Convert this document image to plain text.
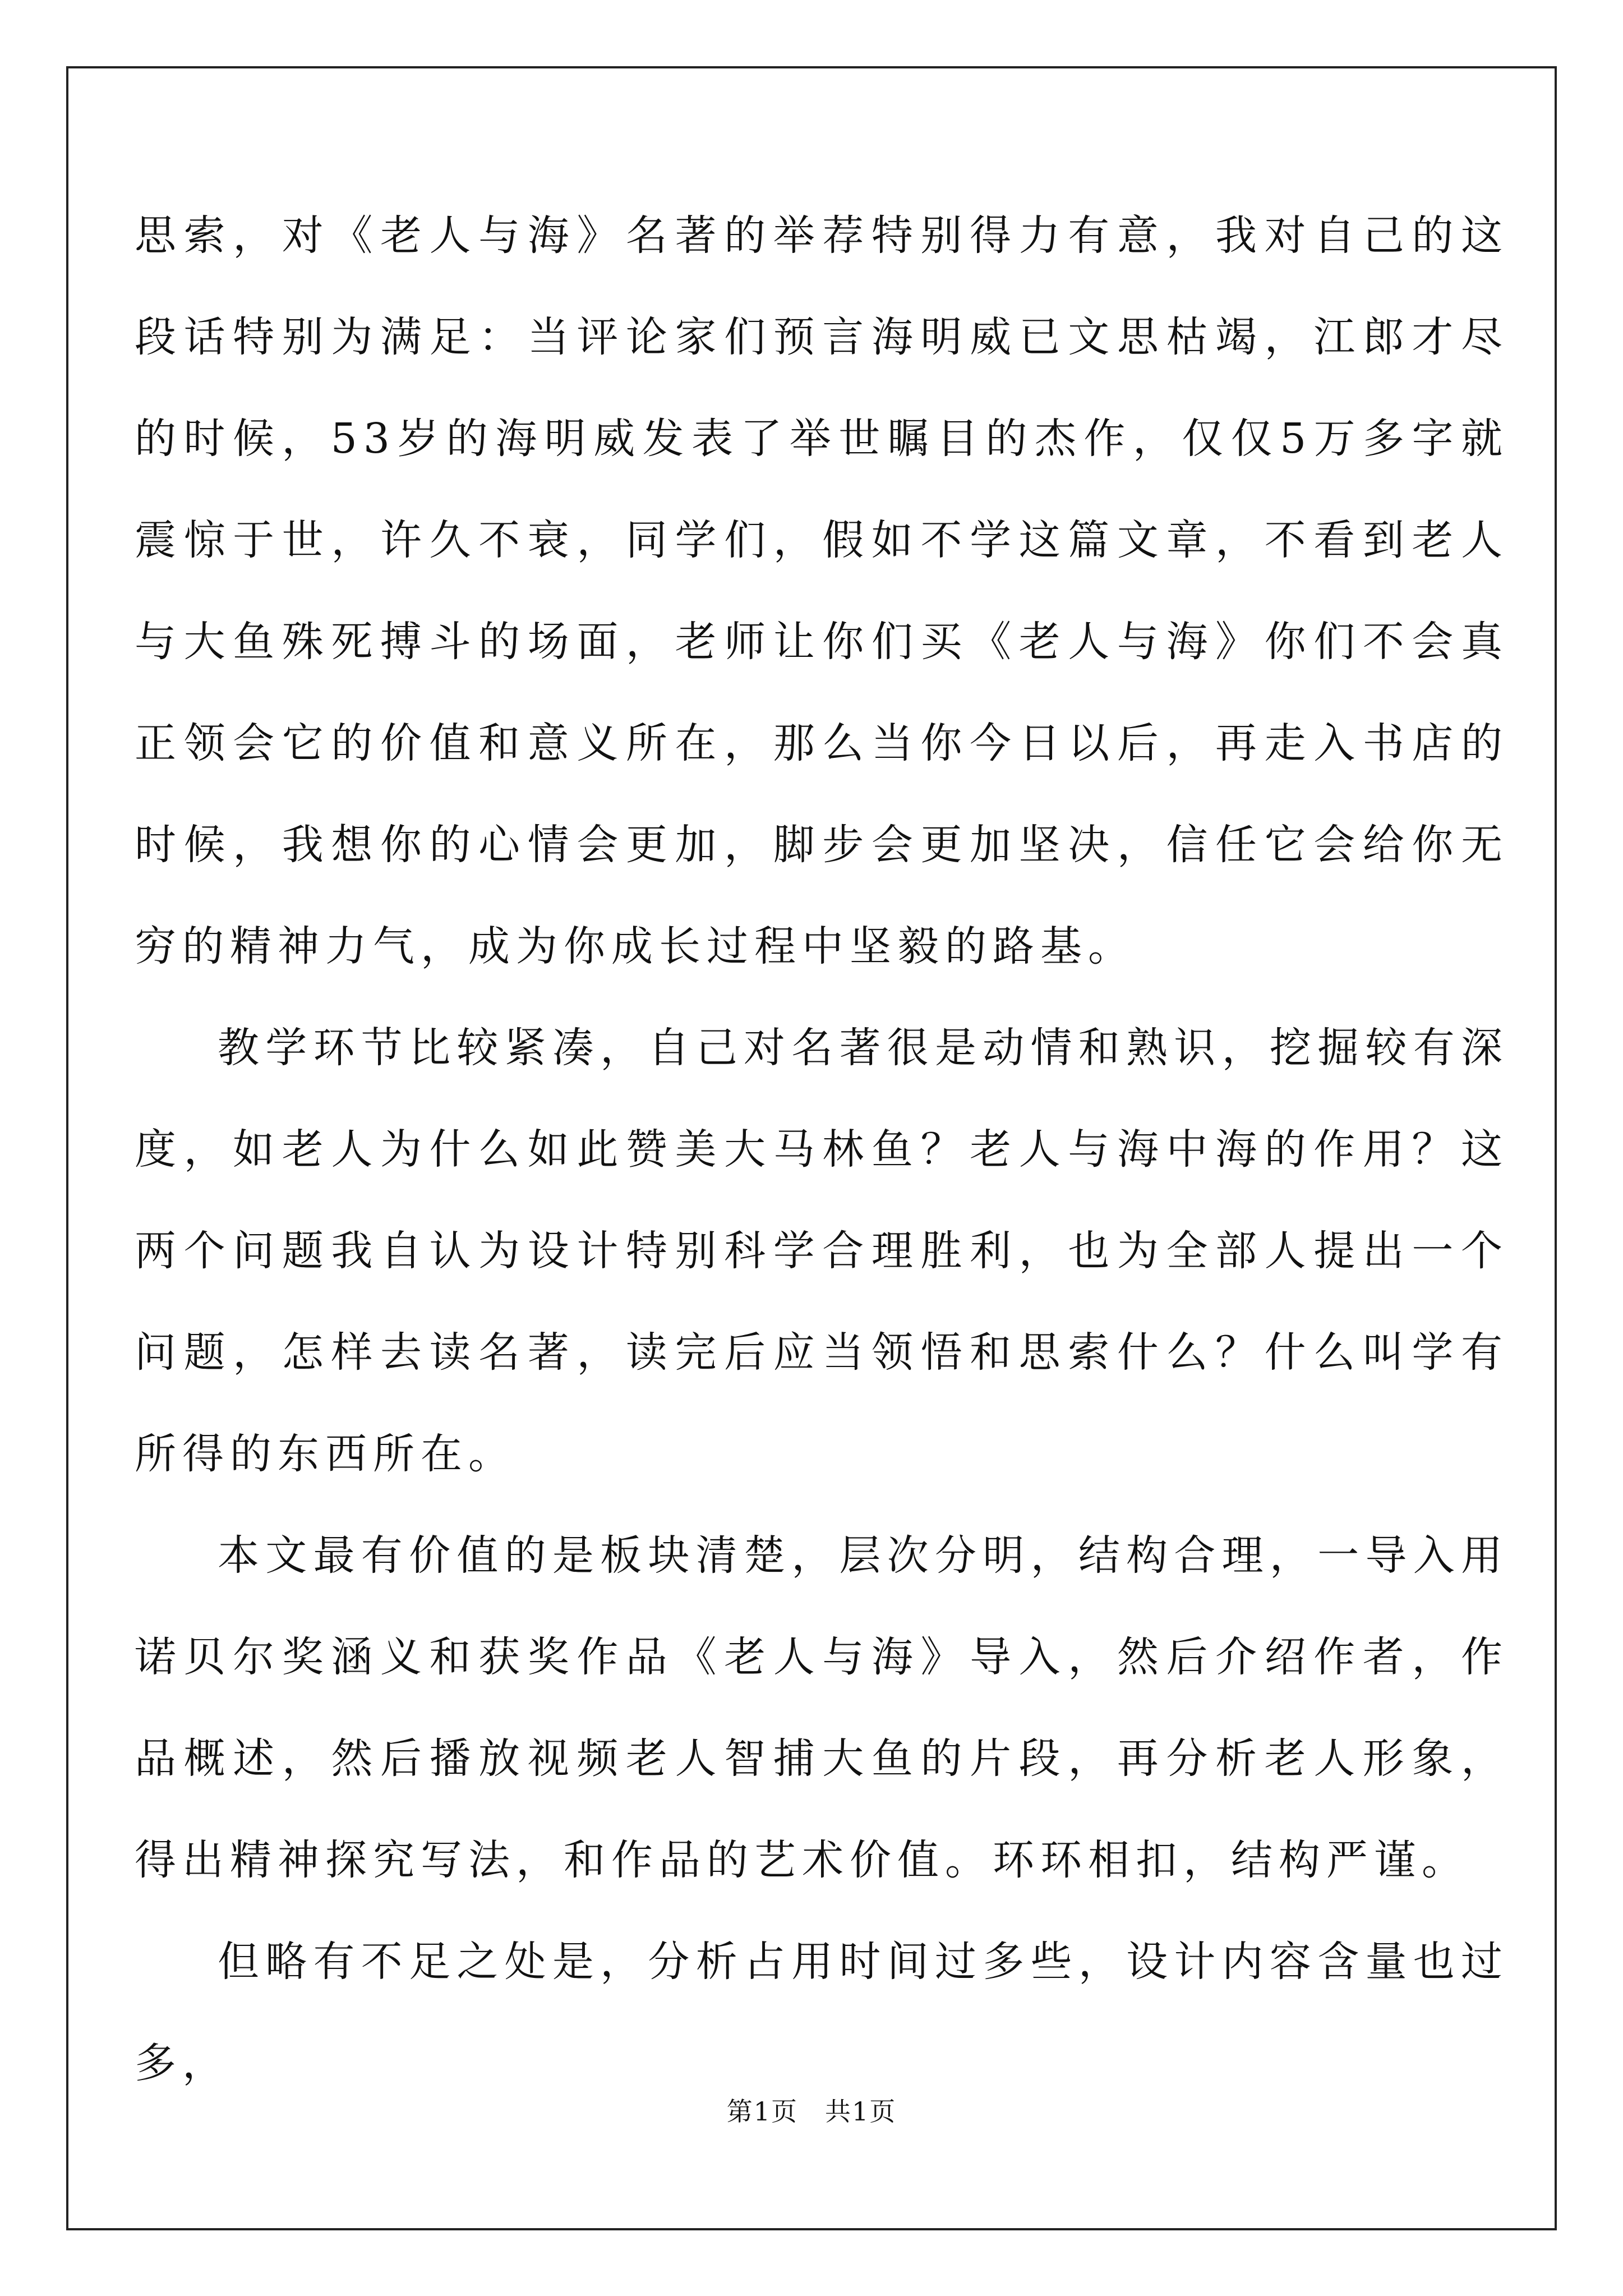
思索，对《老人与海》名著的举荐特别得力有意，我对自己的这段话特别为满足：当评论家们预言海明威已文思枯竭，江郎才尽的时候，53岁的海明威发表了举世瞩目的杰作，仅仅5万多字就震惊于世，许久不衰，同学们，假如不学这篇文章，不看到老人与大鱼殊死搏斗的场面，老师让你们买《老人与海》你们不会真正领会它的价值和意义所在，那么当你今日以后，再走入书店的时候，我想你的心情会更加，脚步会更加坚决，信任它会给你无穷的精神力气，成为你成长过程中坚毅的路基。

教学环节比较紧凑，自己对名著很是动情和熟识，挖掘较有深度，如老人为什么如此赞美大马林鱼？老人与海中海的作用？这两个问题我自认为设计特别科学合理胜利，也为全部人提出一个问题，怎样去读名著，读完后应当领悟和思索什么？什么叫学有所得的东西所在。

本文最有价值的是板块清楚，层次分明，结构合理，一导入用诺贝尔奖涵义和获奖作品《老人与海》导入，然后介绍作者，作品概述，然后播放视频老人智捕大鱼的片段，再分析老人形象，得出精神探究写法，和作品的艺术价值。环环相扣，结构严谨。

但略有不足之处是，分析占用时间过多些，设计内容含量也过多，

第1页　共1页
